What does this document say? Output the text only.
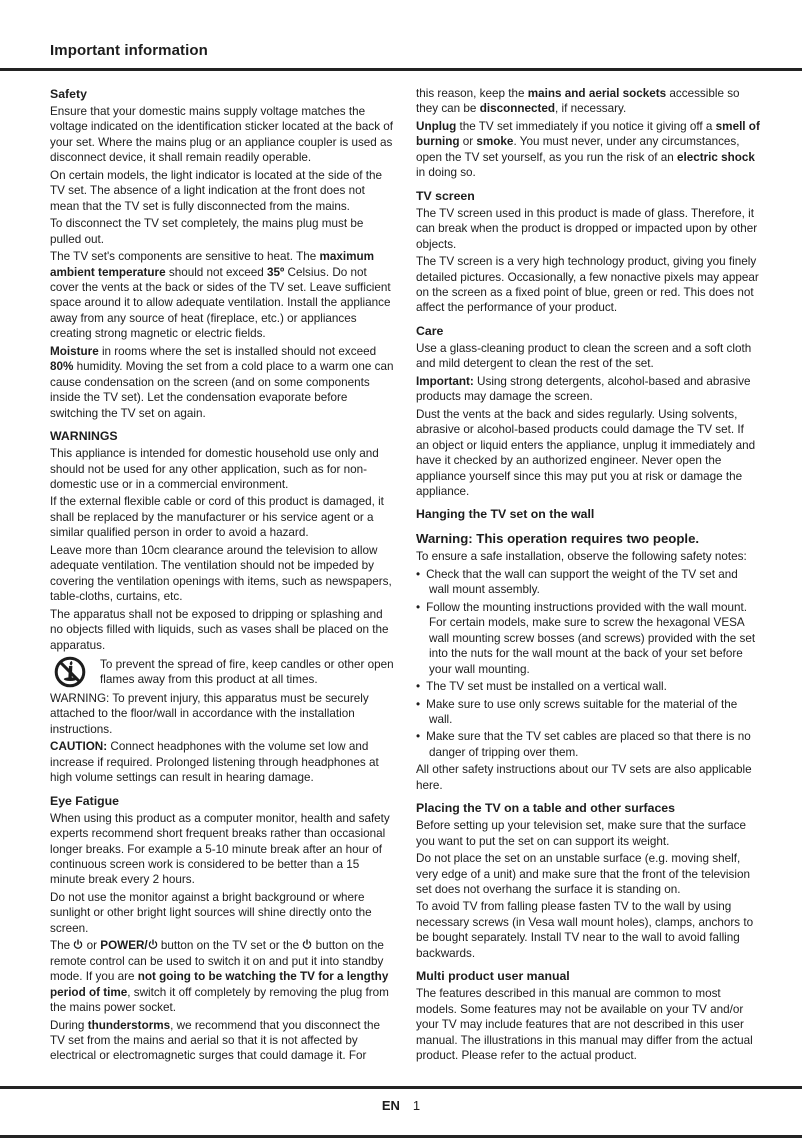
Important information
Safety

Ensure that your domestic mains supply voltage matches the voltage indicated on the identification sticker located at the back of your set. Where the mains plug or an appliance coupler is used as disconnect device, it shall remain readily operable.

On certain models, the light indicator is located at the side of the TV set. The absence of a light indication at the front does not mean that the TV set is fully disconnected from the mains.

To disconnect the TV set completely, the mains plug must be pulled out.

The TV set's components are sensitive to heat. The maximum ambient temperature should not exceed 35º Celsius. Do not cover the vents at the back or sides of the TV set. Leave sufficient space around it to allow adequate ventilation. Install the appliance away from any source of heat (fireplace, etc.) or appliances creating strong magnetic or electric fields.

Moisture in rooms where the set is installed should not exceed 80% humidity. Moving the set from a cold place to a warm one can cause condensation on the screen (and on some components inside the TV set). Let the condensation evaporate before switching the TV set on again.

WARNINGS

This appliance is intended for domestic household use only and should not be used for any other application, such as for non-domestic use or in a commercial environment.

If the external flexible cable or cord of this product is damaged, it shall be replaced by the manufacturer or his service agent or a similar qualified person in order to avoid a hazard.

Leave more than 10cm clearance around the television to allow adequate ventilation. The ventilation should not be impeded by covering the ventilation openings with items, such as newspapers, table-cloths, curtains, etc.

The apparatus shall not be exposed to dripping or splashing and no objects filled with liquids, such as vases shall be placed on the apparatus.

To prevent the spread of fire, keep candles or other open flames away from this product at all times.

WARNING: To prevent injury, this apparatus must be securely attached to the floor/wall in accordance with the installation instructions.

CAUTION: Connect headphones with the volume set low and increase if required. Prolonged listening through headphones at high volume settings can result in hearing damage.

Eye Fatigue

When using this product as a computer monitor, health and safety experts recommend short frequent breaks rather than occasional longer breaks. For example a 5-10 minute break after an hour of continuous screen work is considered to be better than a 15 minute break every 2 hours.

Do not use the monitor against a bright background or where sunlight or other bright light sources will shine directly onto the screen.

The  or POWER/ button on the TV set or the  button on the remote control can be used to switch it on and put it into standby mode. If you are not going to be watching the TV for a lengthy period of time, switch it off completely by removing the plug from the mains power socket.

During thunderstorms, we recommend that you disconnect the TV set from the mains and aerial so that it is not affected by electrical or electromagnetic surges that could damage it. For

this reason, keep the mains and aerial sockets accessible so they can be disconnected, if necessary.

Unplug the TV set immediately if you notice it giving off a smell of burning or smoke. You must never, under any circumstances, open the TV set yourself, as you run the risk of an electric shock in doing so.

TV screen

The TV screen used in this product is made of glass. Therefore, it can break when the product is dropped or impacted upon by other objects.

The TV screen is a very high technology product, giving you finely detailed pictures. Occasionally, a few nonactive pixels may appear on the screen as a fixed point of blue, green or red. This does not affect the performance of your product.

Care

Use a glass-cleaning product to clean the screen and a soft cloth and mild detergent to clean the rest of the set.

Important: Using strong detergents, alcohol-based and abrasive products may damage the screen.

Dust the vents at the back and sides regularly. Using solvents, abrasive or alcohol-based products could damage the TV set. If an object or liquid enters the appliance, unplug it immediately and have it checked by an authorized engineer. Never open the appliance yourself since this may put you at risk or damage the appliance.

Hanging the TV set on the wall
Warning: This operation requires two people.

To ensure a safe installation, observe the following safety notes:

• Check that the wall can support the weight of the TV set and wall mount assembly.

• Follow the mounting instructions provided with the wall mount. For certain models, make sure to screw the hexagonal VESA wall mounting screw bosses (and screws) provided with the set into the nuts for the wall mount at the back of your set before your wall mounting.

• The TV set must be installed on a vertical wall.

• Make sure to use only screws suitable for the material of the wall.

• Make sure that the TV set cables are placed so that there is no danger of tripping over them.

All other safety instructions about our TV sets are also applicable here.

Placing the TV on a table and other surfaces

Before setting up your television set, make sure that the surface you want to put the set on can support its weight.

Do not place the set on an unstable surface (e.g. moving shelf, very edge of a unit) and make sure that the front of the television set does not overhang the surface it is standing on.

To avoid TV from falling please fasten TV to the wall by using necessary screws (in Vesa wall mount holes), clamps, anchors to be bought separately. Install TV near to the wall to avoid falling backwards.

Multi product user manual

The features described in this manual are common to most models. Some features may not be available on your TV and/or your TV may include features that are not described in this user manual. The illustrations in this manual may differ from the actual product. Please refer to the actual product.

EN 1
